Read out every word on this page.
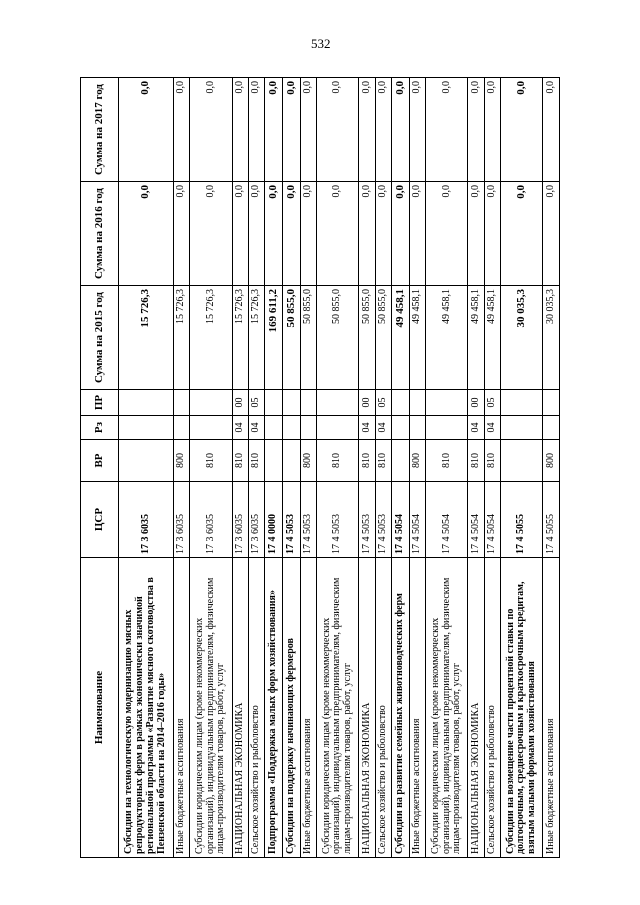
532
Наименование	ЦСР	ВР	Рз	ПР	Сумма на 2015 год	Сумма на 2016 год	Сумма на 2017 год
Субсидии на технологическую модернизацию мясных репродукторных ферм в рамках экономически значимой региональной программы «Развитие мясного скотоводства в Пензенской области на 2014–2016 годы»	17 3 6035				15 726,3	0,0	0,0
Иные бюджетные ассигнования	17 3 6035	800			15 726,3	0,0	0,0
Субсидии юридическим лицам (кроме некоммерческих организаций), индивидуальным предпринимателям, физическим лицам-производителям товаров, работ, услуг	17 3 6035	810			15 726,3	0,0	0,0
НАЦИОНАЛЬНАЯ ЭКОНОМИКА	17 3 6035	810	04	00	15 726,3	0,0	0,0
Сельское хозяйство и рыболовство	17 3 6035	810	04	05	15 726,3	0,0	0,0
Подпрограмма «Поддержка малых форм хозяйствования»	17 4 0000				169 611,2	0,0	0,0
Субсидии на поддержку начинающих фермеров	17 4 5053				50 855,0	0,0	0,0
Иные бюджетные ассигнования	17 4 5053	800			50 855,0	0,0	0,0
Субсидии юридическим лицам (кроме некоммерческих организаций), индивидуальным предпринимателям, физическим лицам-производителям товаров, работ, услуг	17 4 5053	810			50 855,0	0,0	0,0
НАЦИОНАЛЬНАЯ ЭКОНОМИКА	17 4 5053	810	04	00	50 855,0	0,0	0,0
Сельское хозяйство и рыболовство	17 4 5053	810	04	05	50 855,0	0,0	0,0
Субсидии на развитие семейных животноводческих ферм	17 4 5054				49 458,1	0,0	0,0
Иные бюджетные ассигнования	17 4 5054	800			49 458,1	0,0	0,0
Субсидии юридическим лицам (кроме некоммерческих организаций), индивидуальным предпринимателям, физическим лицам-производителям товаров, работ, услуг	17 4 5054	810			49 458,1	0,0	0,0
НАЦИОНАЛЬНАЯ ЭКОНОМИКА	17 4 5054	810	04	00	49 458,1	0,0	0,0
Сельское хозяйство и рыболовство	17 4 5054	810	04	05	49 458,1	0,0	0,0
Субсидии на возмещение части процентной ставки по долгосрочным, среднесрочным и краткосрочным кредитам, взятым малыми формами хозяйствования	17 4 5055				30 035,3	0,0	0,0
Иные бюджетные ассигнования	17 4 5055	800			30 035,3	0,0	0,0
